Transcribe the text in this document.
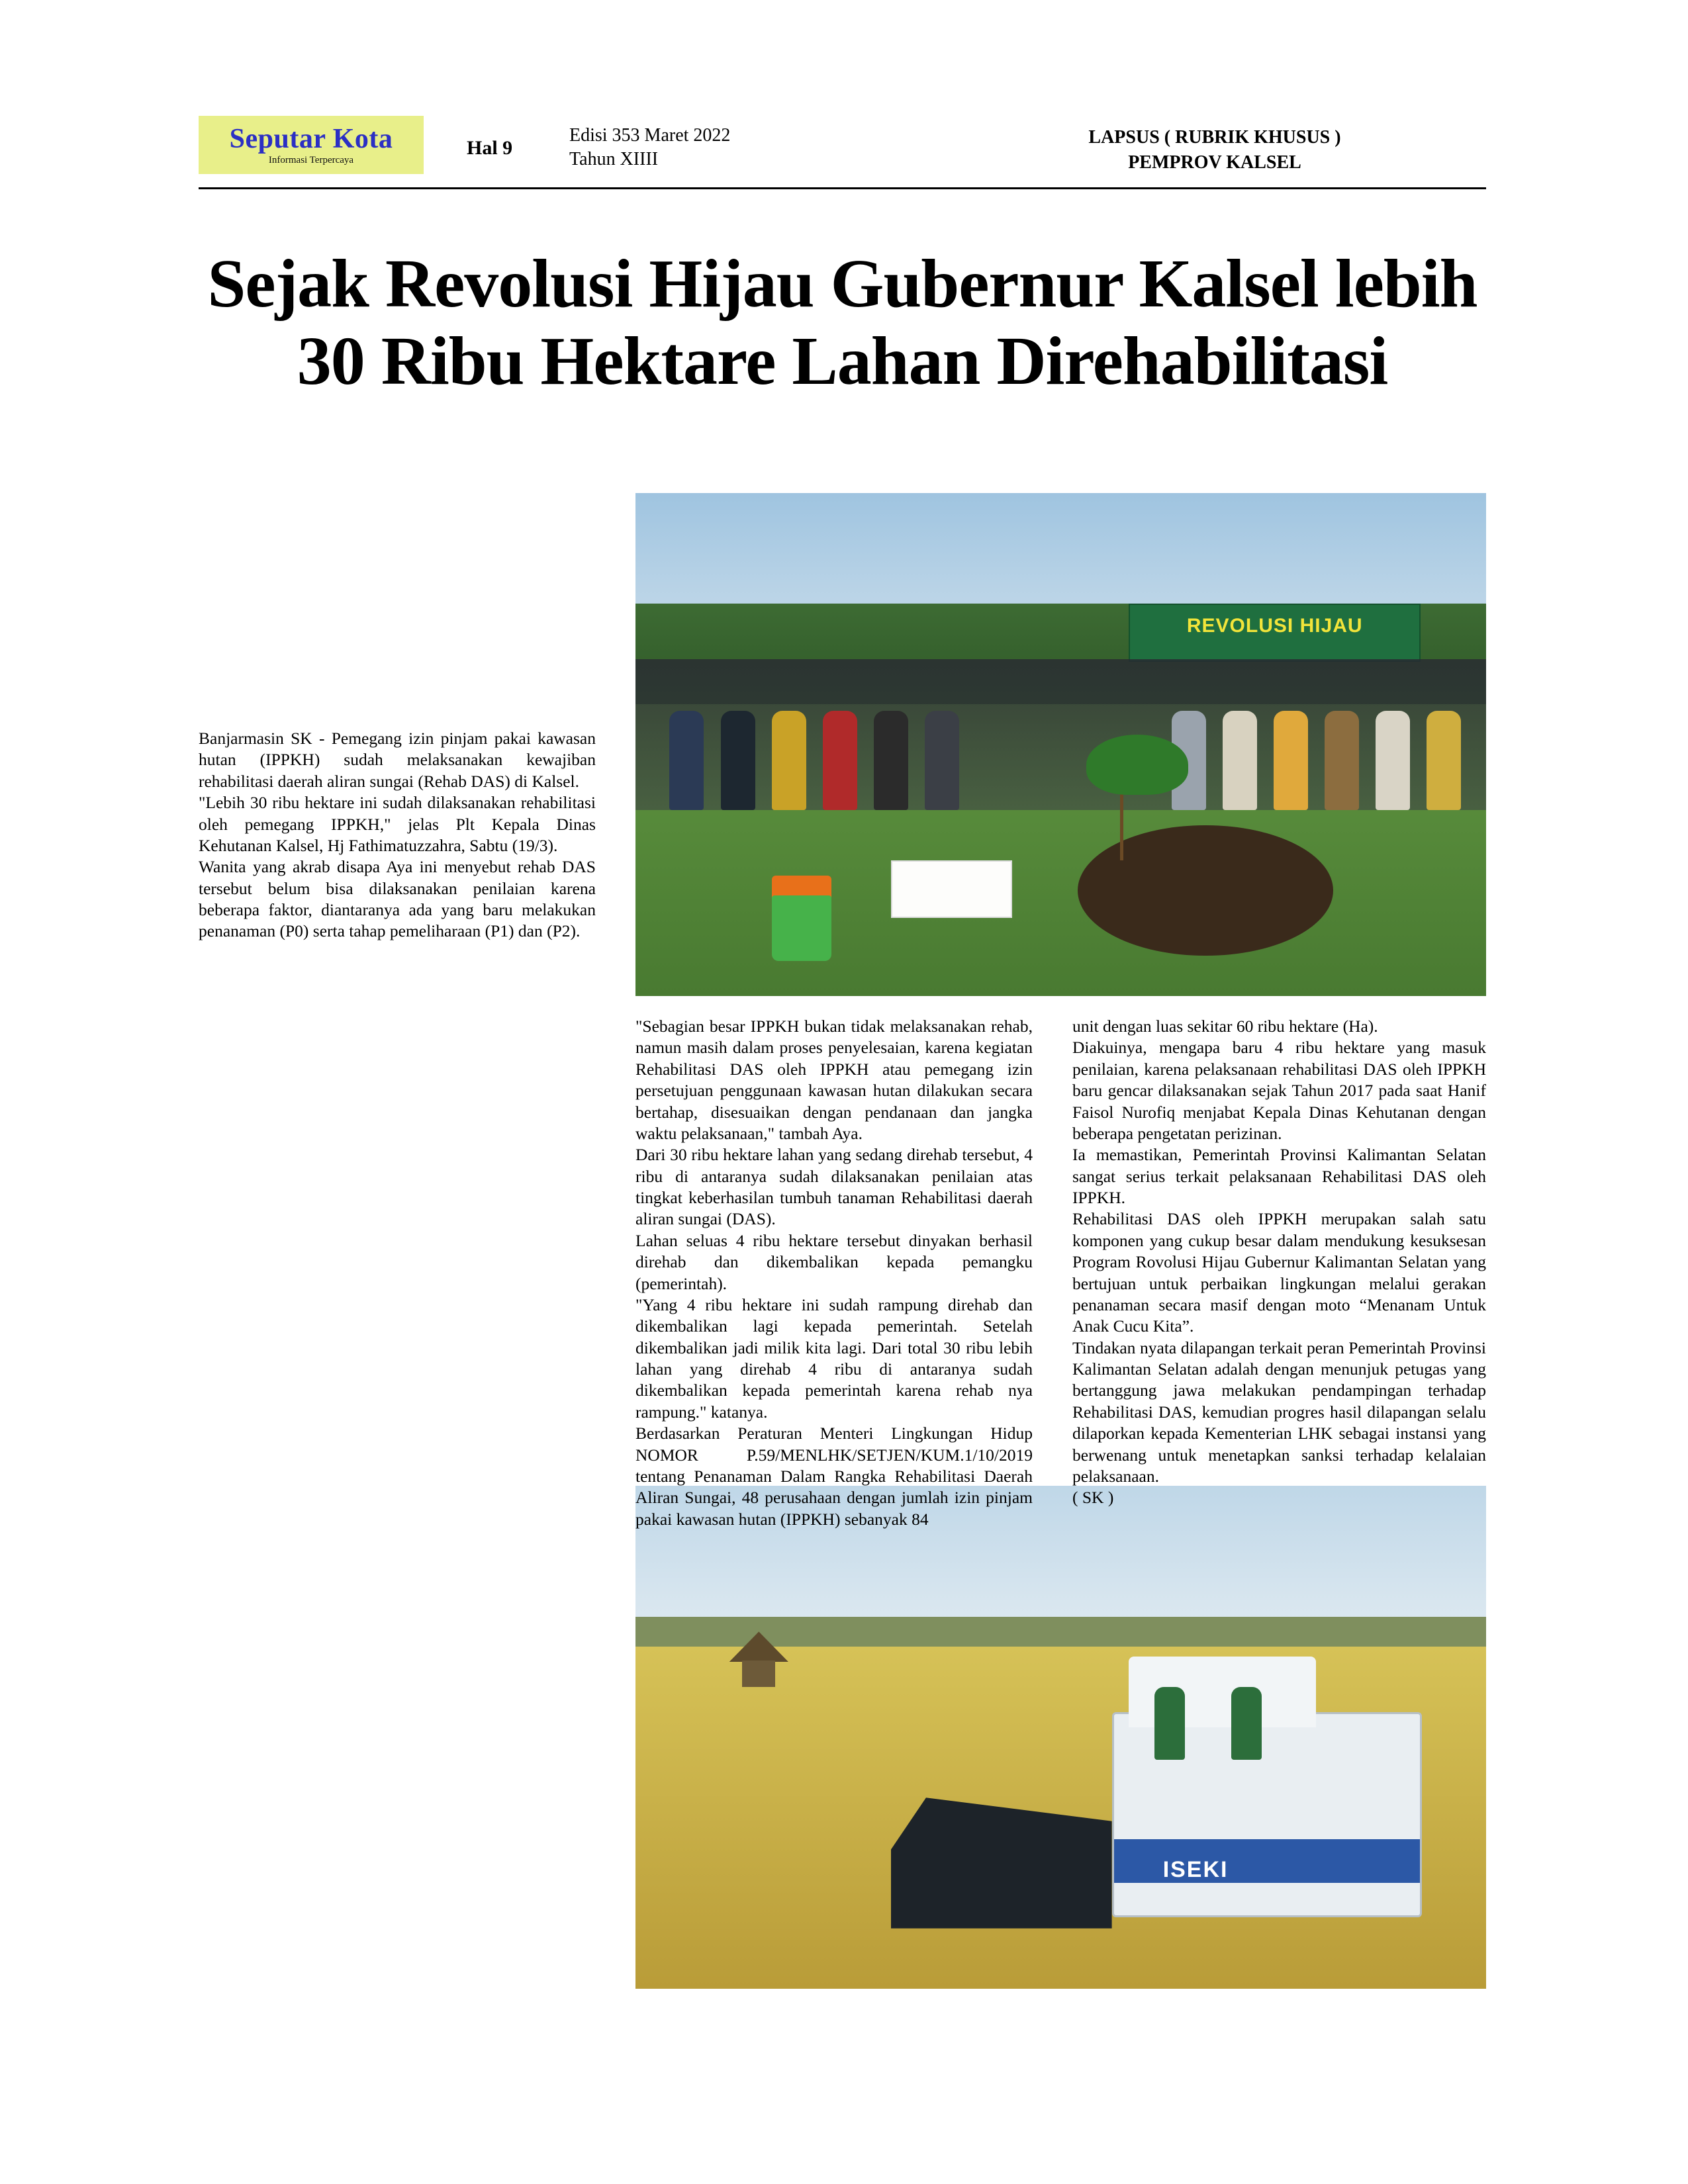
Seputar Kota
Informasi Terpercaya
Hal 9
Edisi 353 Maret 2022
Tahun XIIII
LAPSUS ( RUBRIK KHUSUS )
PEMPROV KALSEL
Sejak Revolusi Hijau Gubernur Kalsel lebih 30 Ribu Hektare Lahan Direhabilitasi
REVOLUSI HIJAU
ISEKI

Banjarmasin SK - Pemegang izin pinjam pakai kawasan hutan (IPPKH) sudah melaksanakan kewajiban rehabilitasi daerah aliran sungai (Rehab DAS) di Kalsel.

"Lebih 30 ribu hektare ini sudah dilaksanakan rehabilitasi oleh pemegang IPPKH," jelas Plt Kepala Dinas Kehutanan Kalsel, Hj Fathimatuzzahra, Sabtu (19/3).

Wanita yang akrab disapa Aya ini menyebut rehab DAS tersebut belum bisa dilaksanakan penilaian karena beberapa faktor, diantaranya ada yang baru melakukan penanaman (P0) serta tahap pemeliharaan (P1) dan (P2).

"Sebagian besar IPPKH bukan tidak melaksanakan rehab, namun masih dalam proses penyelesaian, karena kegiatan Rehabilitasi DAS oleh IPPKH atau pemegang izin persetujuan penggunaan kawasan hutan dilakukan secara bertahap, disesuaikan dengan pendanaan dan jangka waktu pelaksanaan," tambah Aya.

Dari 30 ribu hektare lahan yang sedang direhab tersebut, 4 ribu di antaranya sudah dilaksanakan penilaian atas tingkat keberhasilan tumbuh tanaman Rehabilitasi daerah aliran sungai (DAS).

Lahan seluas 4 ribu hektare tersebut dinyakan berhasil direhab dan dikembalikan kepada pemangku (pemerintah).

"Yang 4 ribu hektare ini sudah rampung direhab dan dikembalikan lagi kepada pemerintah. Setelah dikembalikan jadi milik kita lagi. Dari total 30 ribu lebih lahan yang direhab 4 ribu di antaranya sudah dikembalikan kepada pemerintah karena rehab nya rampung." katanya.

Berdasarkan Peraturan Menteri Lingkungan Hidup NOMOR P.59/MENLHK/SETJEN/KUM.1/10/2019 tentang Penanaman Dalam Rangka Rehabilitasi Daerah Aliran Sungai, 48 perusahaan dengan jumlah izin pinjam pakai kawasan hutan (IPPKH) sebanyak 84

unit dengan luas sekitar 60 ribu hektare (Ha).

Diakuinya, mengapa baru 4 ribu hektare yang masuk penilaian, karena pelaksanaan rehabilitasi DAS oleh IPPKH baru gencar dilaksanakan sejak Tahun 2017 pada saat Hanif Faisol Nurofiq menjabat Kepala Dinas Kehutanan dengan beberapa pengetatan perizinan.

Ia memastikan, Pemerintah Provinsi Kalimantan Selatan sangat serius terkait pelaksanaan Rehabilitasi DAS oleh IPPKH.

Rehabilitasi DAS oleh IPPKH merupakan salah satu komponen yang cukup besar dalam mendukung kesuksesan Program Rovolusi Hijau Gubernur Kalimantan Selatan yang bertujuan untuk perbaikan lingkungan melalui gerakan penanaman secara masif dengan moto “Menanam Untuk Anak Cucu Kita”.

Tindakan nyata dilapangan terkait peran Pemerintah Provinsi Kalimantan Selatan adalah dengan menunjuk petugas yang bertanggung jawa melakukan pendampingan terhadap Rehabilitasi DAS, kemudian progres hasil dilapangan selalu dilaporkan kepada Kementerian LHK sebagai instansi yang berwenang untuk menetapkan sanksi terhadap kelalaian pelaksanaan.

( SK )
